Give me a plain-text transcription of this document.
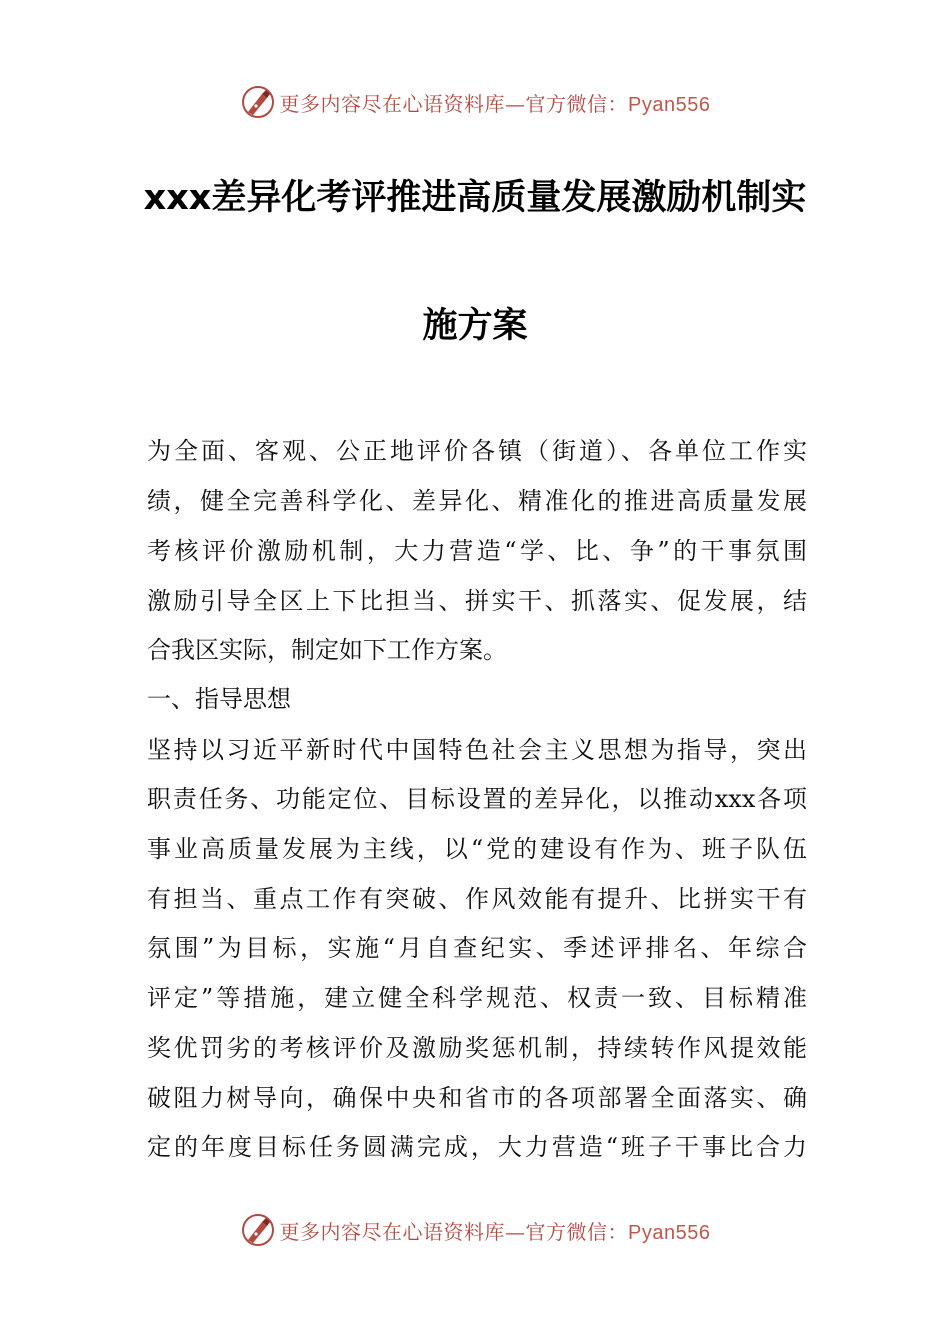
更多内容尽在心语资料库—官方微信：Pyan556
xxx差异化考评推进高质量发展激励机制实
施方案
为全面、客观、公正地评价各镇（街道）、各单位工作实
绩，健全完善科学化、差异化、精准化的推进高质量发展
考核评价激励机制，大力营造“学、比、争”的干事氛围
激励引导全区上下比担当、拼实干、抓落实、促发展，结
合我区实际，制定如下工作方案。
一、指导思想
坚持以习近平新时代中国特色社会主义思想为指导，突出
职责任务、功能定位、目标设置的差异化，以推动xxx各项
事业高质量发展为主线，以“党的建设有作为、班子队伍
有担当、重点工作有突破、作风效能有提升、比拼实干有
氛围”为目标，实施“月自查纪实、季述评排名、年综合
评定”等措施，建立健全科学规范、权责一致、目标精准
奖优罚劣的考核评价及激励奖惩机制，持续转作风提效能
破阻力树导向，确保中央和省市的各项部署全面落实、确
定的年度目标任务圆满完成，大力营造“班子干事比合力
更多内容尽在心语资料库—官方微信：Pyan556
